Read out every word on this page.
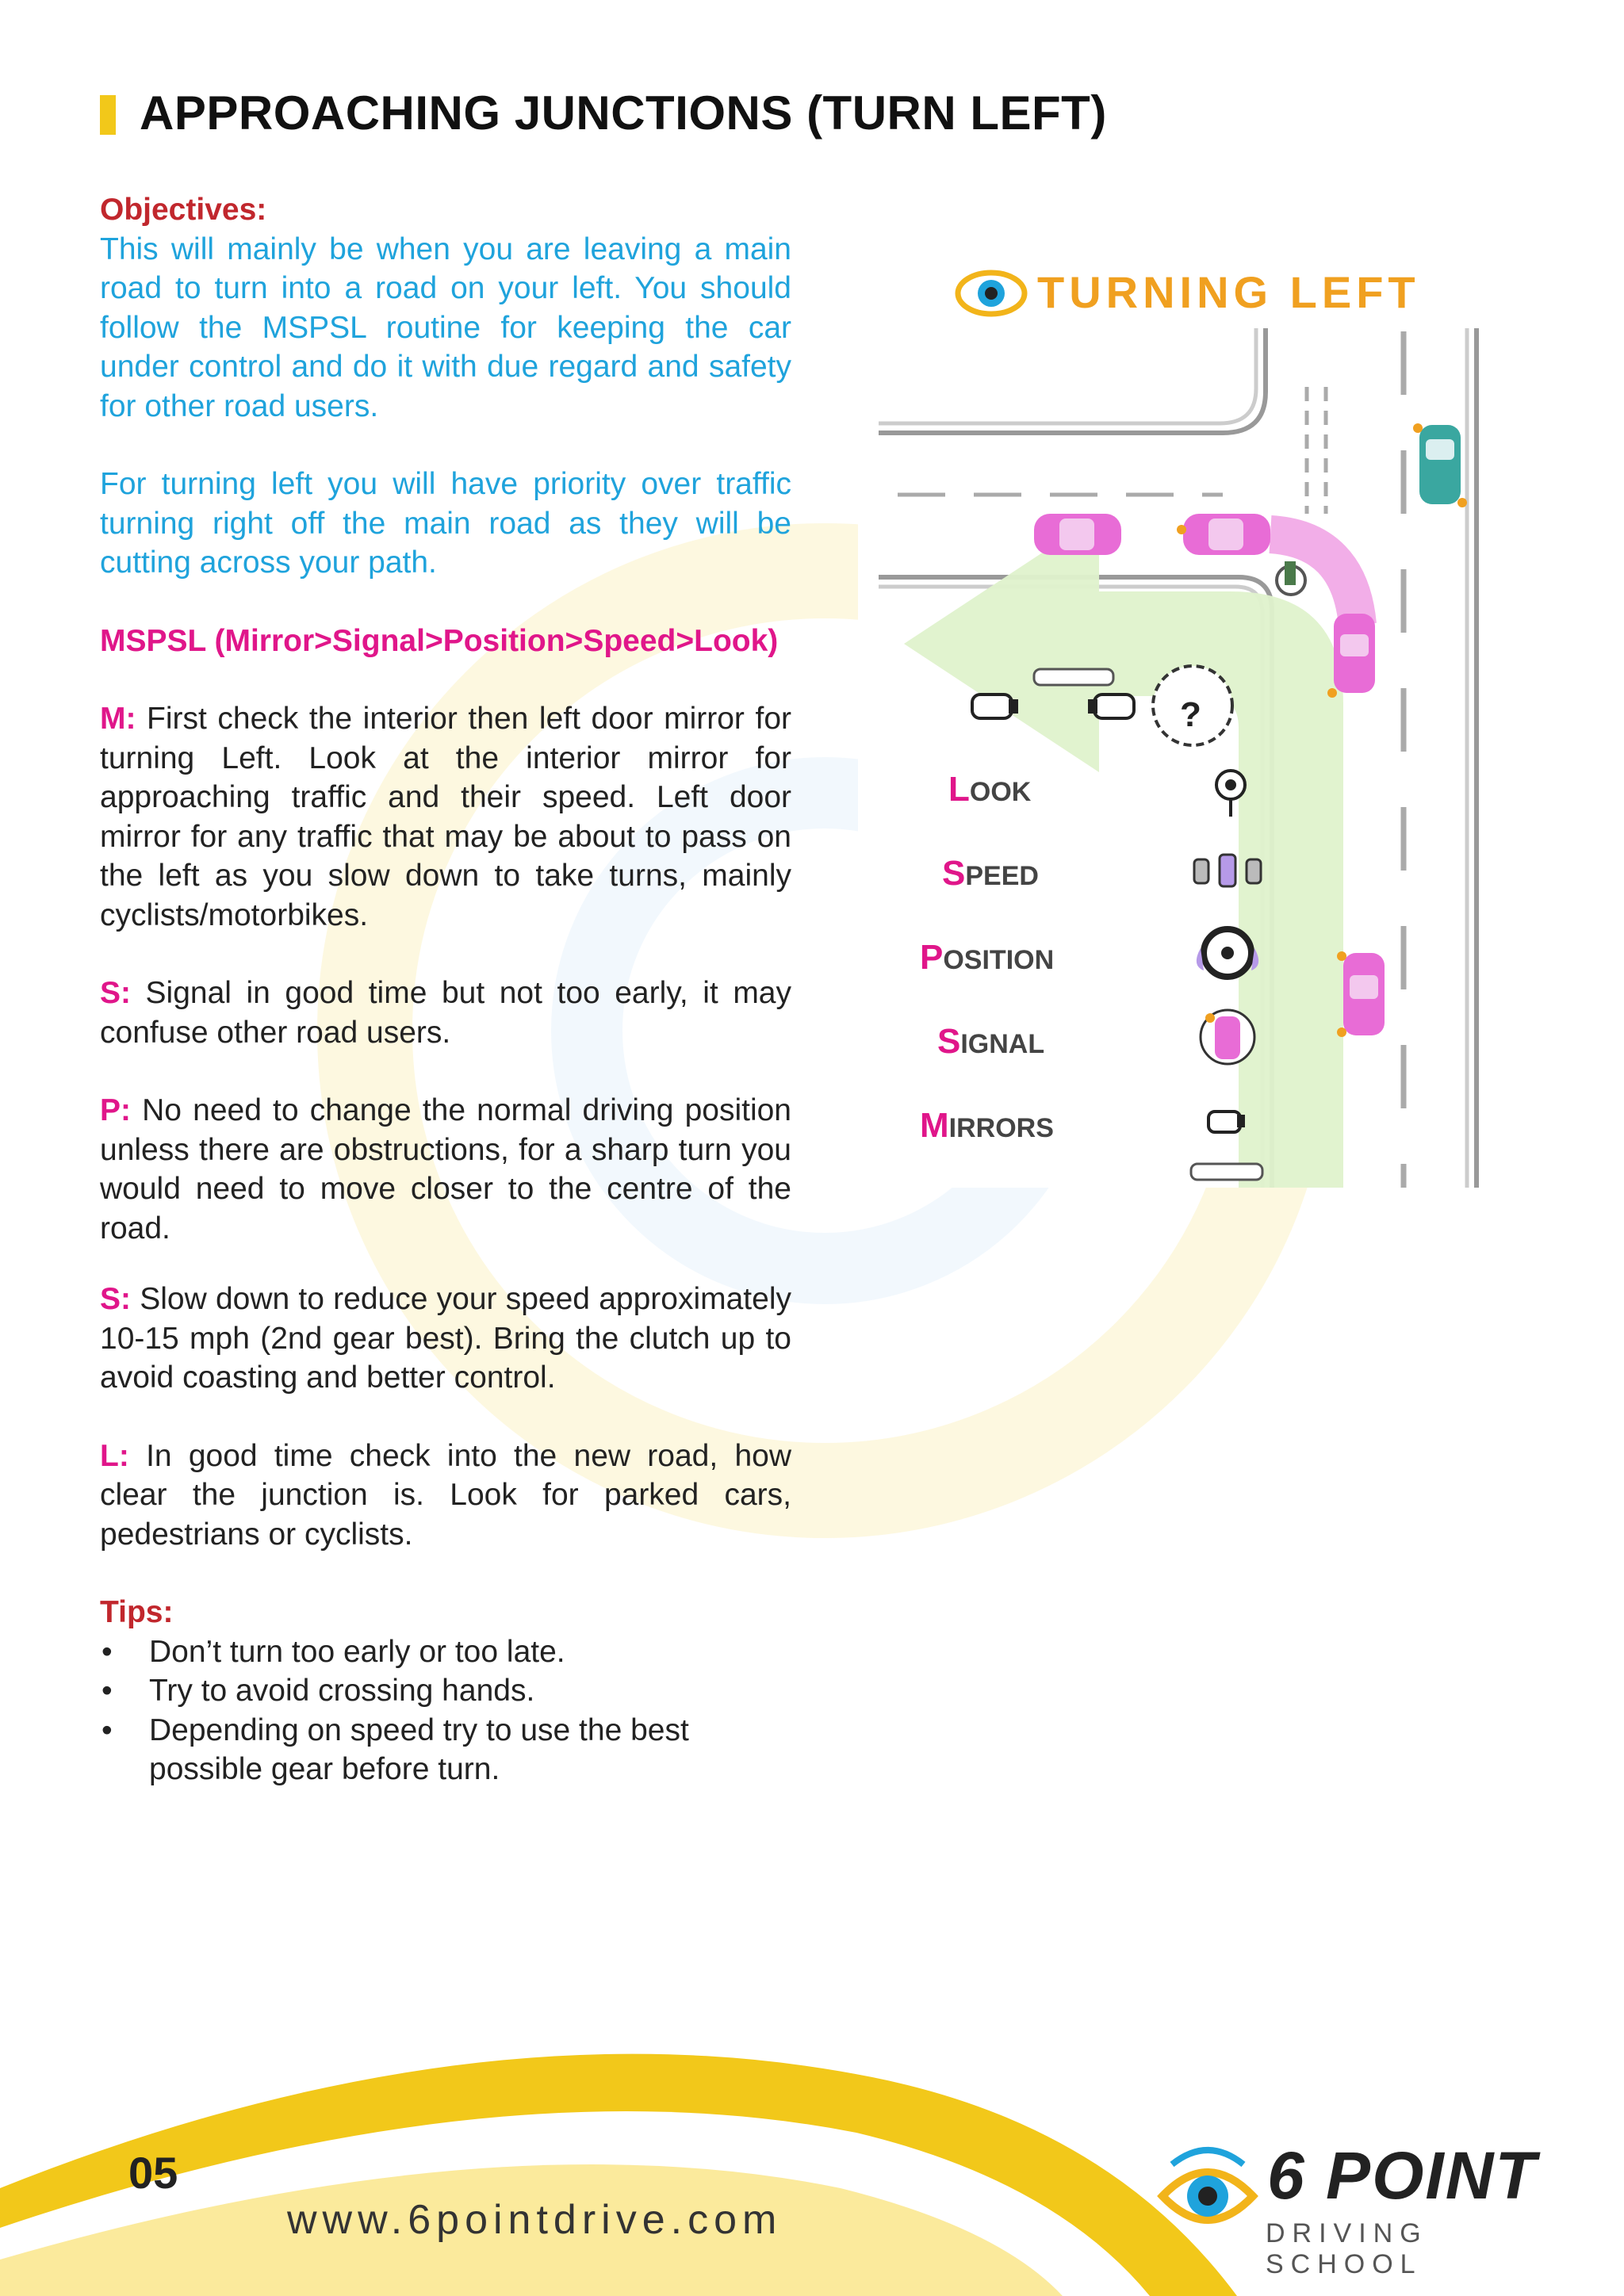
APPROACHING JUNCTIONS (TURN LEFT)
Objectives:

This will mainly be when you are leaving a main road to turn into a road on your left. You should follow the MSPSL routine for keeping the car under control and do it with due regard and safety for other road users.

For turning left you will have priority over traffic turning right off the main road as they will be cutting across your path.

MSPSL (Mirror>Signal>Position>Speed>Look)

M: First check the interior then left door mirror for turning Left. Look at the interior mirror for approaching traffic and their speed. Left door mirror for any traffic that may be about to pass on the left as you slow down to take turns, mainly cyclists/motorbikes.

S: Signal in good time but not too early, it may confuse other road users.

P: No need to change the normal driving position unless there are obstructions, for a sharp turn you would need to move closer to the centre of the road.

S: Slow down to reduce your speed approximately 10-15 mph (2nd gear best). Bring the clutch up to avoid coasting and better control.

L: In good time check into the new road, how clear the junction is. Look for parked cars, pedestrians or cyclists.

Tips:
• Don’t turn too early or too late.
• Try to avoid crossing hands.
• Depending on speed try to use the best possible gear before turn.
TURNING LEFT
?
LOOK
SPEED
POSITION
SIGNAL
MIRRORS
05
www.6pointdrive.com
6 POINT
DRIVING SCHOOL
